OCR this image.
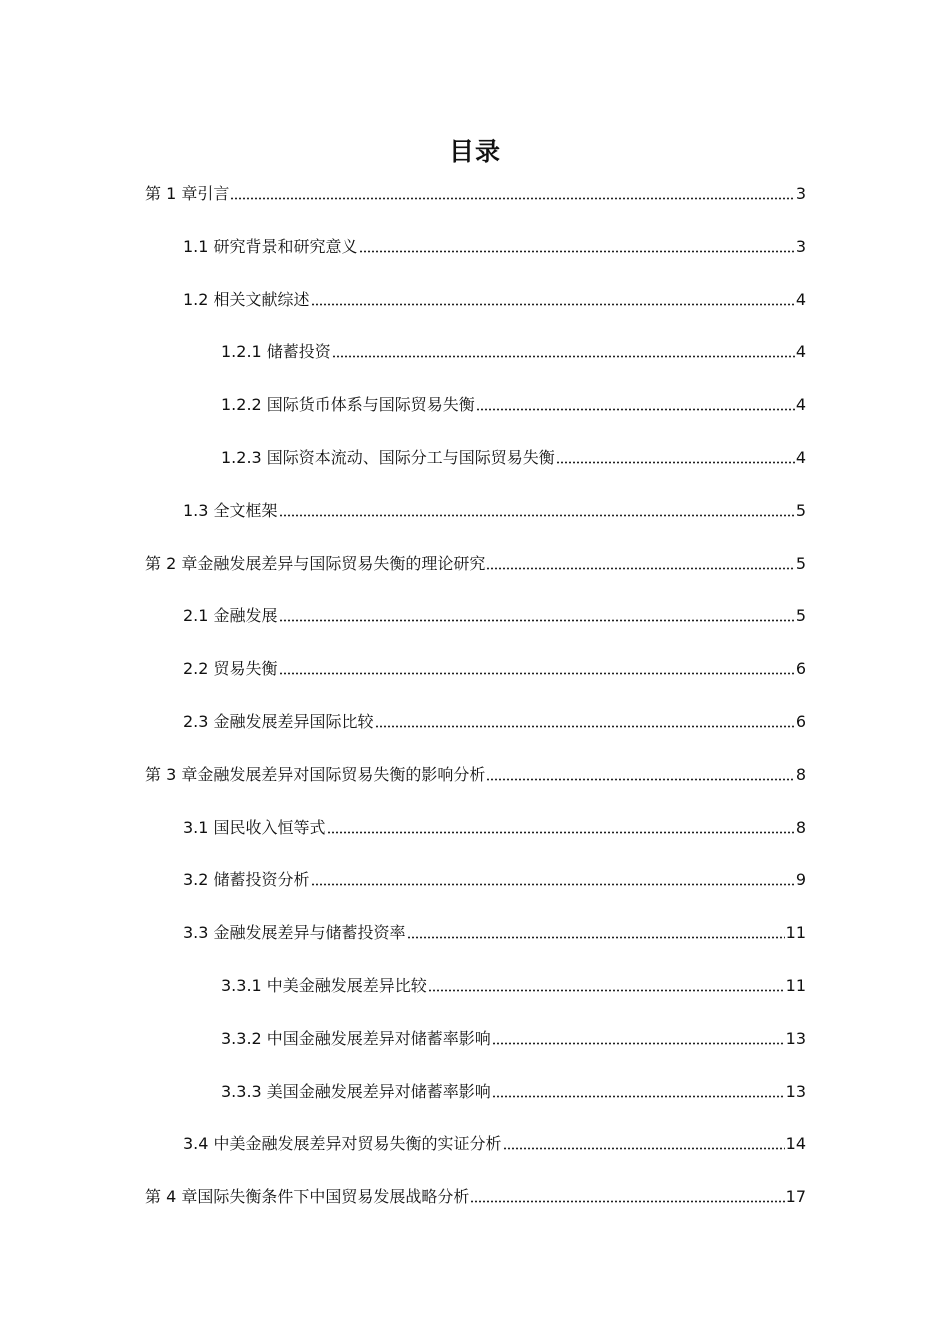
目录
第 1 章引言	3
1.1 研究背景和研究意义	3
1.2 相关文献综述	4
1.2.1 储蓄投资	4
1.2.2 国际货币体系与国际贸易失衡	4
1.2.3 国际资本流动、国际分工与国际贸易失衡	4
1.3 全文框架	5
第 2 章金融发展差异与国际贸易失衡的理论研究	5
2.1 金融发展	5
2.2 贸易失衡	6
2.3 金融发展差异国际比较	6
第 3 章金融发展差异对国际贸易失衡的影响分析	8
3.1 国民收入恒等式	8
3.2 储蓄投资分析	9
3.3 金融发展差异与储蓄投资率	11
3.3.1 中美金融发展差异比较	11
3.3.2 中国金融发展差异对储蓄率影响	13
3.3.3 美国金融发展差异对储蓄率影响	13
3.4 中美金融发展差异对贸易失衡的实证分析	14
第 4 章国际失衡条件下中国贸易发展战略分析	17
